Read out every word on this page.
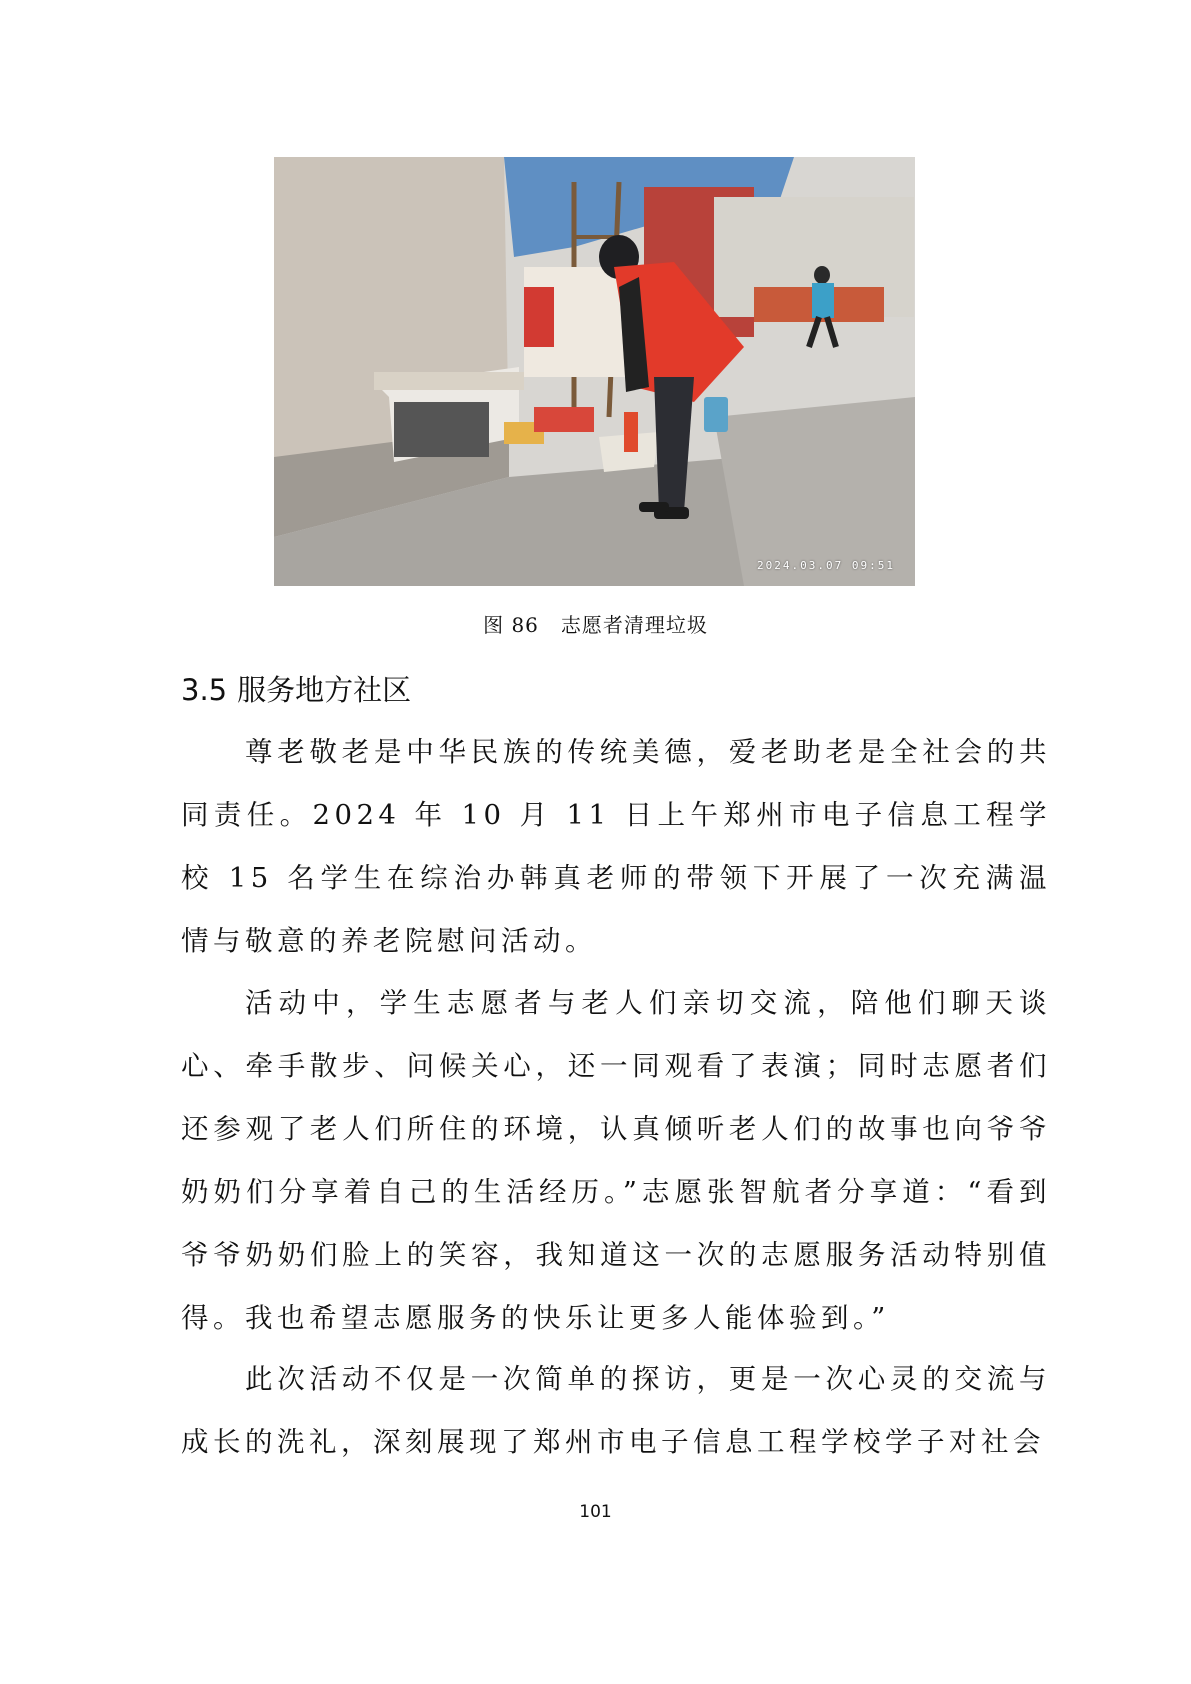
2024.03.07 09:51
图 86 志愿者清理垃圾
3.5 服务地方社区

尊老敬老是中华民族的传统美德，爱老助老是全社会的共同责任。2024 年 10 月 11 日上午郑州市电子信息工程学校 15 名学生在综治办韩真老师的带领下开展了一次充满温情与敬意的养老院慰问活动。

活动中，学生志愿者与老人们亲切交流，陪他们聊天谈心、牵手散步、问候关心，还一同观看了表演；同时志愿者们还参观了老人们所住的环境，认真倾听老人们的故事也向爷爷奶奶们分享着自己的生活经历。”志愿张智航者分享道：“看到爷爷奶奶们脸上的笑容，我知道这一次的志愿服务活动特别值得。我也希望志愿服务的快乐让更多人能体验到。”

此次活动不仅是一次简单的探访，更是一次心灵的交流与成长的洗礼，深刻展现了郑州市电子信息工程学校学子对社会

101
